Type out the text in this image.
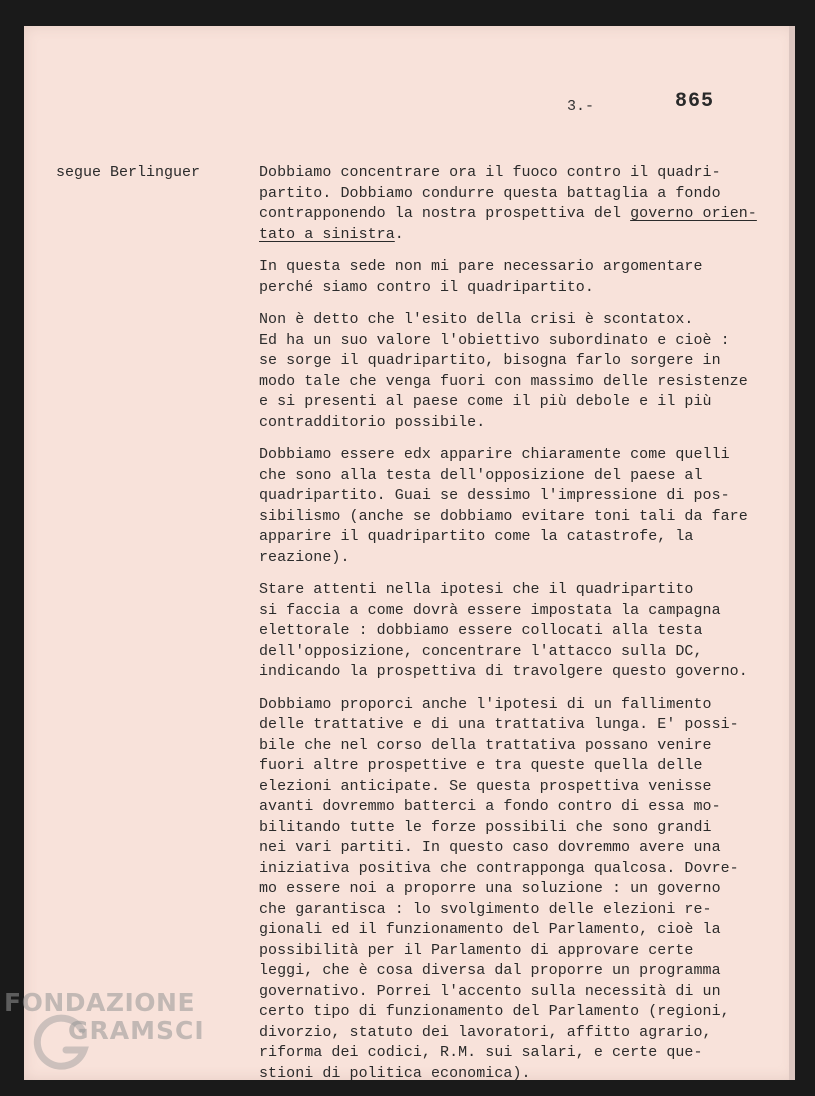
3.-	865
segue Berlinguer	Dobbiamo concentrare ora il fuoco contro il quadri-
partito. Dobbiamo condurre questa battaglia a fondo
contrapponendo la nostra prospettiva del governo orien-
tato a sinistra.
In questa sede non mi pare necessario argomentare
perché siamo contro il quadripartito.
Non è detto che l'esito della crisi è scontatox.
Ed ha un suo valore l'obiettivo subordinato e cioè :
se sorge il quadripartito, bisogna farlo sorgere in
modo tale che venga fuori con massimo delle resistenze
e si presenti al paese come il più debole e il più
contradditorio possibile.
Dobbiamo essere edx apparire chiaramente come quelli
che sono alla testa dell'opposizione del paese al
quadripartito. Guai se dessimo l'impressione di pos-
sibilismo (anche se dobbiamo evitare toni tali da fare
apparire il quadripartito come la catastrofe, la
reazione).
Stare attenti nella ipotesi che il quadripartito
si faccia a come dovrà essere impostata la campagna
elettorale : dobbiamo essere collocati alla testa
dell'opposizione, concentrare l'attacco sulla DC,
indicando la prospettiva di travolgere questo governo.
Dobbiamo proporci anche l'ipotesi di un fallimento
delle trattative e di una trattativa lunga. E' possi-
bile che nel corso della trattativa possano venire
fuori altre prospettive e tra queste quella delle
elezioni anticipate. Se questa prospettiva venisse
avanti dovremmo batterci a fondo contro di essa mo-
bilitando tutte le forze possibili che sono grandi
nei vari partiti. In questo caso dovremmo avere una
iniziativa positiva che contrapponga qualcosa. Dovre-
mo essere noi a proporre una soluzione : un governo
che garantisca : lo svolgimento delle elezioni re-
gionali ed il funzionamento del Parlamento, cioè la
possibilità per il Parlamento di approvare certe
leggi, che è cosa diversa dal proporre un programma
governativo. Porrei l'accento sulla necessità di un
certo tipo di funzionamento del Parlamento (regioni,
divorzio, statuto dei lavoratori, affitto agrario,
riforma dei codici, R.M. sui salari, e certe que-
stioni di politica economica).
FONDAZIONE
GRAMSCI
